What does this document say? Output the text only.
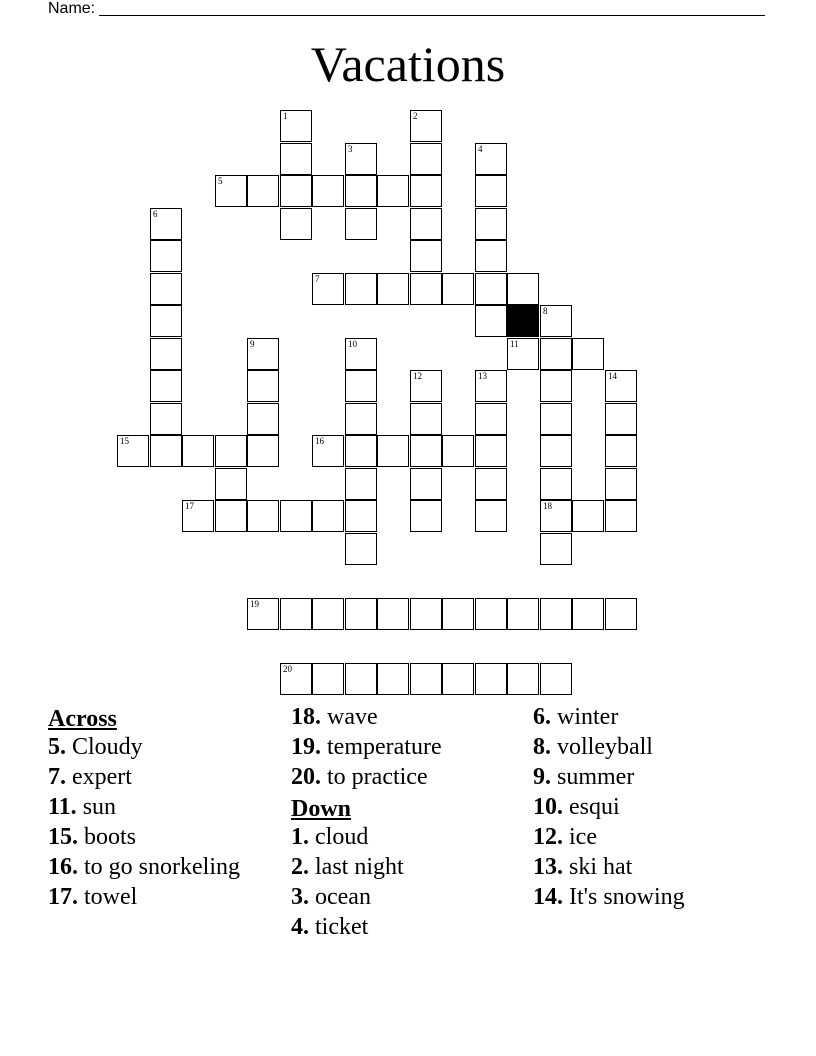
Name:
Vacations
1	2
3	4
5
6
7
8
9	10	11
12	13	14
15	16
17	18
19
20
Across
5. Cloudy
7. expert
11. sun
15. boots
16. to go snorkeling
17. towel
18. wave
19. temperature
20. to practice
Down
1. cloud
2. last night
3. ocean
4. ticket
6. winter
8. volleyball
9. summer
10. esqui
12. ice
13. ski hat
14. It's snowing
